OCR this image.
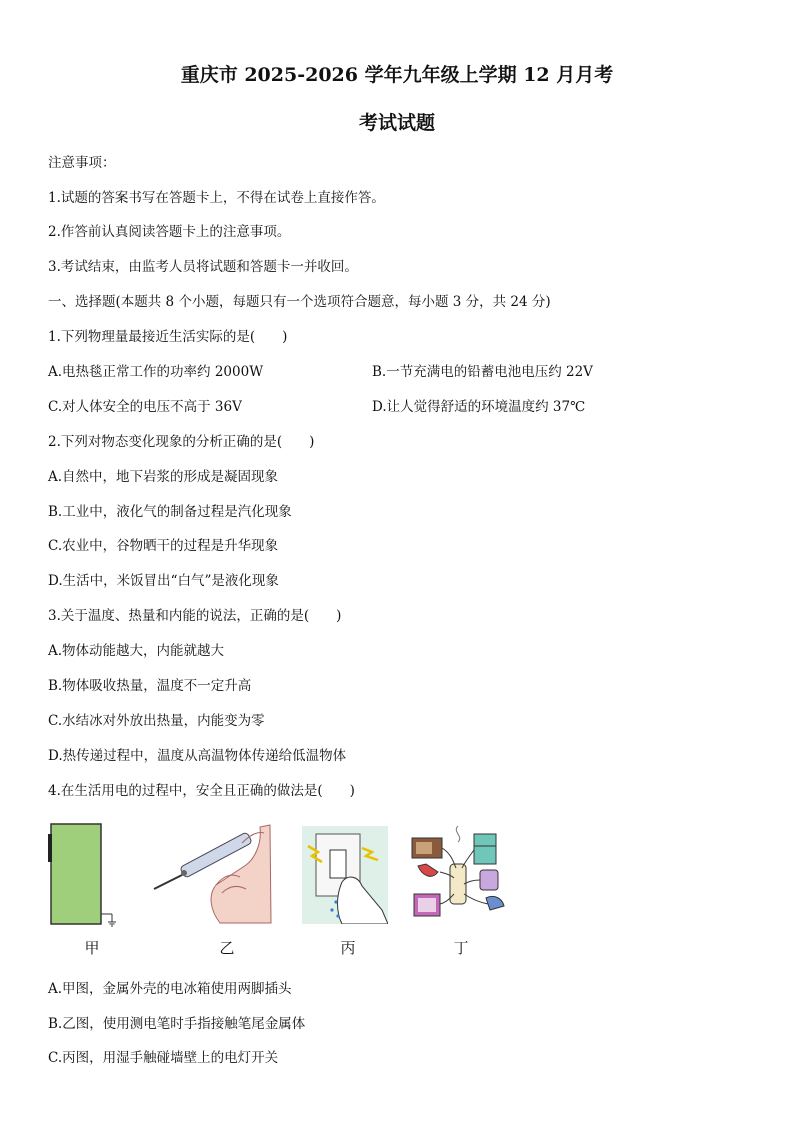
重庆市 2025-2026 学年九年级上学期 12 月月考
考试试题
注意事项：
1.试题的答案书写在答题卡上，不得在试卷上直接作答。
2.作答前认真阅读答题卡上的注意事项。
3.考试结束，由监考人员将试题和答题卡一并收回。
一、选择题(本题共 8 个小题，每题只有一个选项符合题意，每小题 3 分，共 24 分)
1.下列物理量最接近生活实际的是(　　)
A.电热毯正常工作的功率约 2000W	B.一节充满电的铅蓄电池电压约 22V
C.对人体安全的电压不高于 36V	D.让人觉得舒适的环境温度约 37℃
2.下列对物态变化现象的分析正确的是(　　)
A.自然中，地下岩浆的形成是凝固现象
B.工业中，液化气的制备过程是汽化现象
C.农业中，谷物晒干的过程是升华现象
D.生活中，米饭冒出“白气”是液化现象
3.关于温度、热量和内能的说法，正确的是(　　)
A.物体动能越大，内能就越大
B.物体吸收热量，温度不一定升高
C.水结冰对外放出热量，内能变为零
D.热传递过程中，温度从高温物体传递给低温物体
4.在生活用电的过程中，安全且正确的做法是(　　)
甲	乙	丙	丁
A.甲图，金属外壳的电冰箱使用两脚插头
B.乙图，使用测电笔时手指接触笔尾金属体
C.丙图，用湿手触碰墙壁上的电灯开关
